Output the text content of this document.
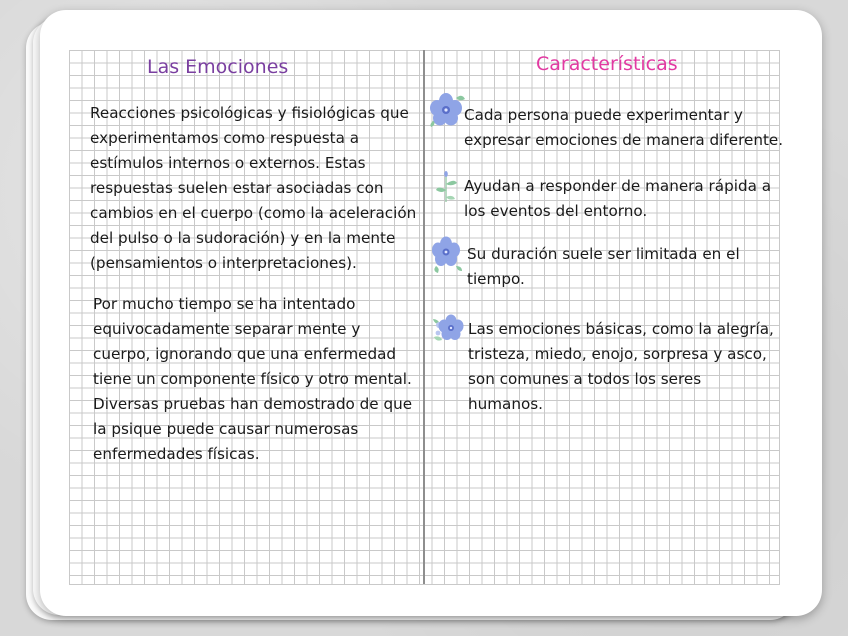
Las Emociones
Reacciones psicológicas y fisiológicas que
experimentamos como respuesta a
estímulos internos o externos. Estas
respuestas suelen estar asociadas con
cambios en el cuerpo (como la aceleración
del pulso o la sudoración) y en la mente
(pensamientos o interpretaciones).
Por mucho tiempo se ha intentado
equivocadamente separar mente y
cuerpo, ignorando que una enfermedad
tiene un componente físico y otro mental.
Diversas pruebas han demostrado de que
la psique puede causar numerosas
enfermedades físicas.
Características
Cada persona puede experimentar y
expresar emociones de manera diferente.
Ayudan a responder de manera rápida a
los eventos del entorno.
Su duración suele ser limitada en el
tiempo.
Las emociones básicas, como la alegría,
tristeza, miedo, enojo, sorpresa y asco,
son comunes a todos los seres
humanos.
